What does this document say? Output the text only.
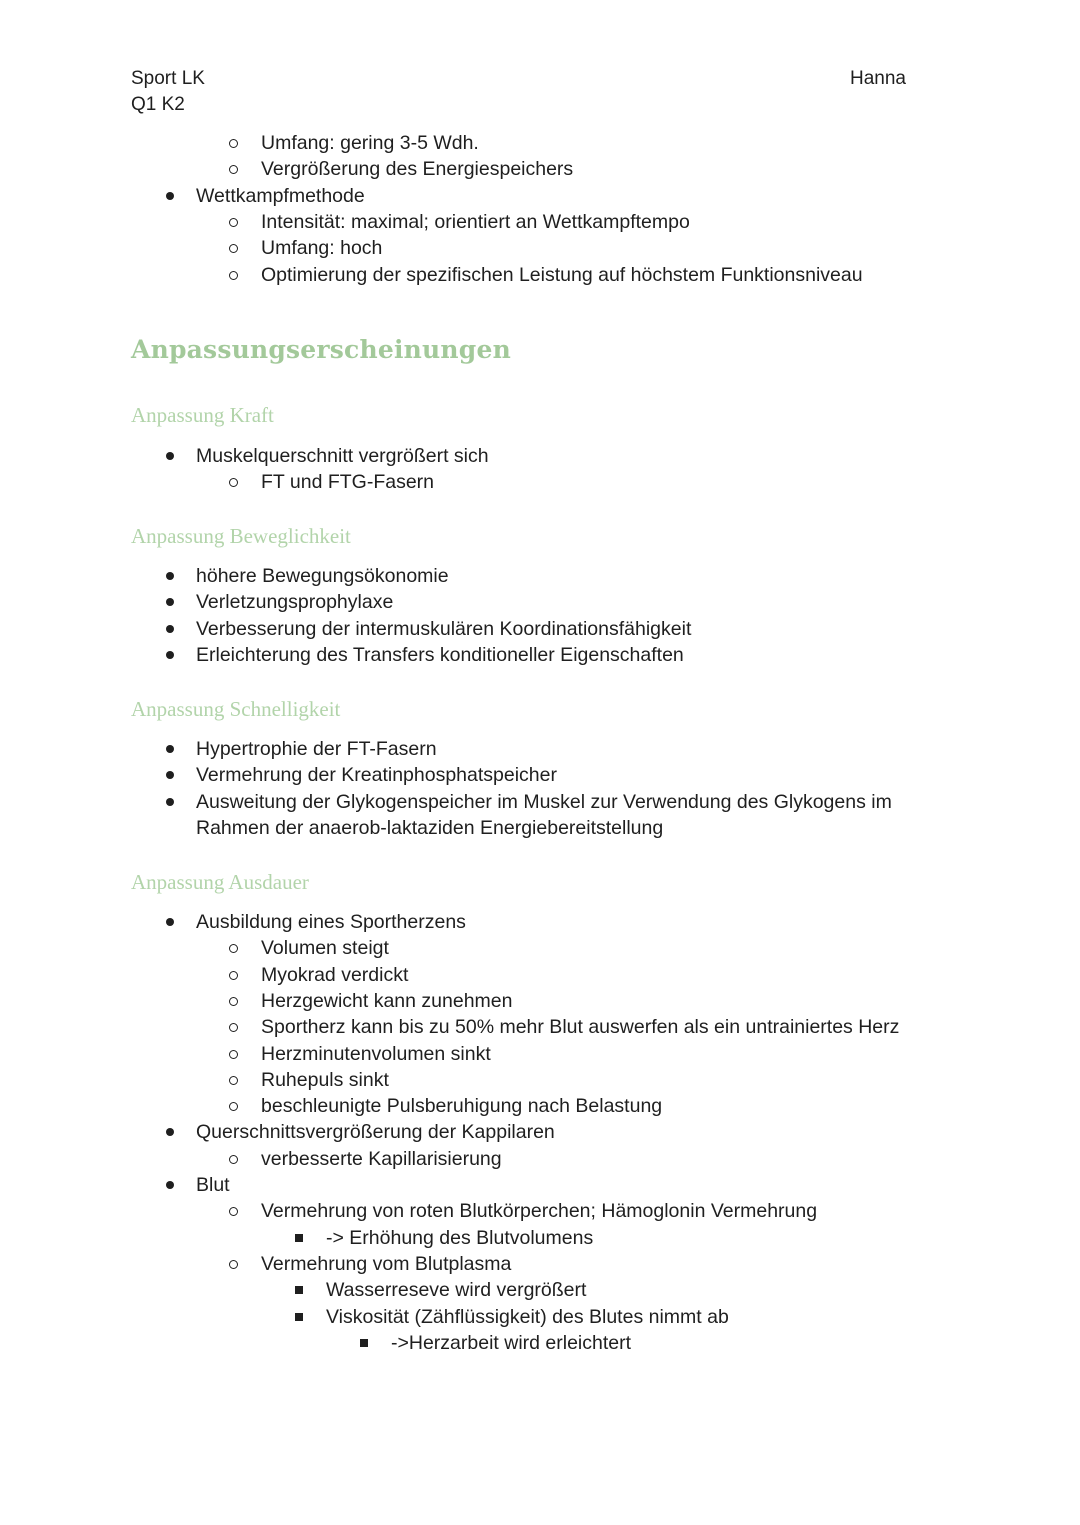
Sport LK
Q1 K2
Hanna
Umfang: gering 3-5 Wdh.
Vergrößerung des Energiespeichers
Wettkampfmethode
Intensität: maximal; orientiert an Wettkampftempo
Umfang: hoch
Optimierung der spezifischen Leistung auf höchstem Funktionsniveau
Anpassungserscheinungen
Anpassung Kraft
Muskelquerschnitt vergrößert sich
FT und FTG-Fasern
Anpassung Beweglichkeit
höhere Bewegungsökonomie
Verletzungsprophylaxe
Verbesserung der intermuskulären Koordinationsfähigkeit
Erleichterung des Transfers konditioneller Eigenschaften
Anpassung Schnelligkeit
Hypertrophie der FT-Fasern
Vermehrung der Kreatinphosphatspeicher
Ausweitung der Glykogenspeicher im Muskel zur Verwendung des Glykogens im
Rahmen der anaerob-laktaziden Energiebereitstellung
Anpassung Ausdauer
Ausbildung eines Sportherzens
Volumen steigt
Myokrad verdickt
Herzgewicht kann zunehmen
Sportherz kann bis zu 50% mehr Blut auswerfen als ein untrainiertes Herz
Herzminutenvolumen sinkt
Ruhepuls sinkt
beschleunigte Pulsberuhigung nach Belastung
Querschnittsvergrößerung der Kappilaren
verbesserte Kapillarisierung
Blut
Vermehrung von roten Blutkörperchen; Hämoglonin Vermehrung
-> Erhöhung des Blutvolumens
Vermehrung vom Blutplasma
Wasserreseve wird vergrößert
Viskosität (Zähflüssigkeit) des Blutes nimmt ab
->Herzarbeit wird erleichtert
